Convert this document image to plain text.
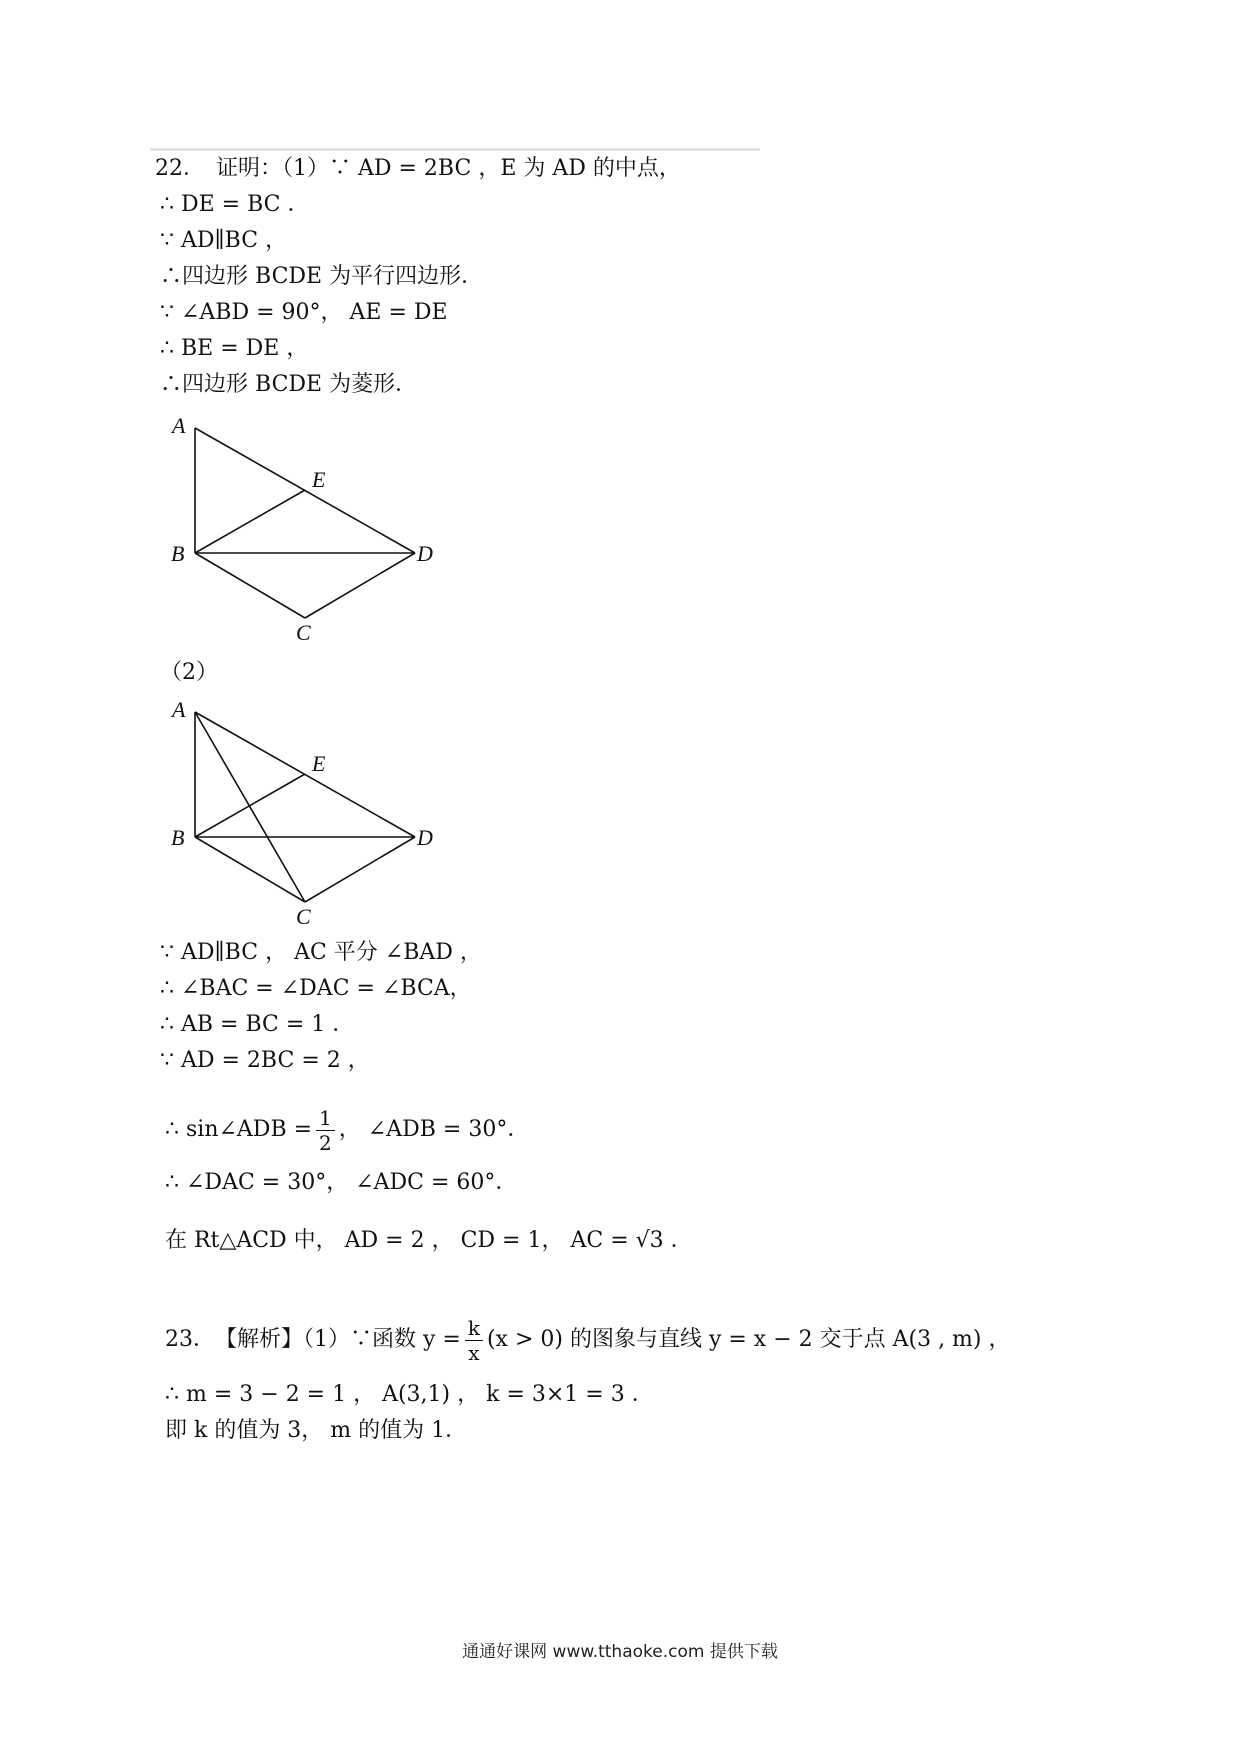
22．　证明：（1）∵ AD = 2BC ，E 为 AD 的中点，
∴ DE = BC ．
∵ AD∥BC ，
∴四边形 BCDE 为平行四边形．
∵ ∠ABD = 90°， AE = DE
∴ BE = DE ，
∴四边形 BCDE 为菱形．
A
E
B	D
C
（2）
A
E
B	D
C
∵ AD∥BC ， AC 平分 ∠BAD ，
∴ ∠BAC = ∠DAC = ∠BCA，
∴ AB = BC = 1 ．
∵ AD = 2BC = 2 ，
∴ sin∠ADB = $\frac{1}{2}$ ， ∠ADB = 30°．
∴ ∠DAC = 30°， ∠ADC = 60°．
在 Rt△ACD 中， AD = 2 ， CD = 1， AC = √3 ．
23．　【解析】（1）∵函数 $y = \frac{k}{x} (x > 0)$ 的图象与直线 y = x − 2 交于点 A(3 , m) ，
∴ m = 3 − 2 = 1 ， A(3,1) ， k = 3×1 = 3 ．
即 k 的值为 3， m 的值为 1．
通通好课网 www.tthaoke.com 提供下载
